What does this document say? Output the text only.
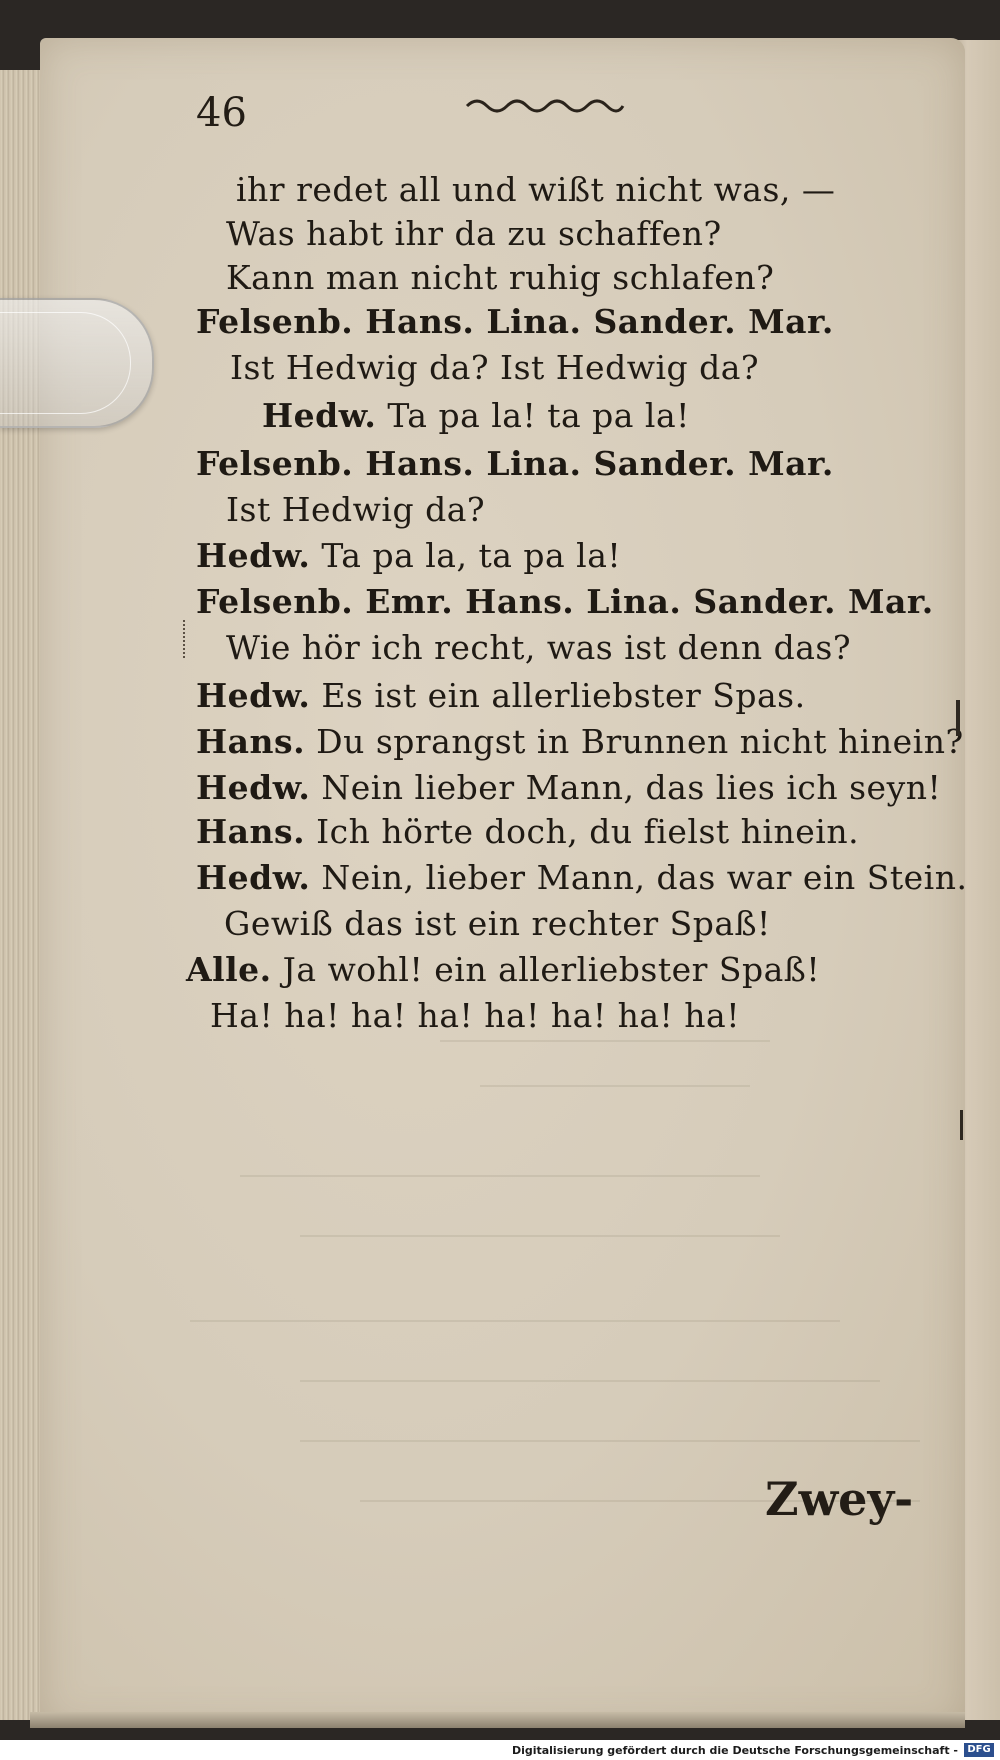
46
ihr redet all und wißt nicht was, —
Was habt ihr da zu schaffen?
Kann man nicht ruhig schlafen?
Felsenb. Hans. Lina. Sander. Mar.
Ist Hedwig da? Ist Hedwig da?
Hedw. Ta pa la! ta pa la!
Felsenb. Hans. Lina. Sander. Mar.
Ist Hedwig da?
Hedw. Ta pa la, ta pa la!
Felsenb. Emr. Hans. Lina. Sander. Mar.
Wie hör ich recht, was ist denn das?
Hedw. Es ist ein allerliebster Spas.
Hans. Du sprangst in Brunnen nicht hinein?
Hedw. Nein lieber Mann, das lies ich seyn!
Hans. Ich hörte doch, du fielst hinein.
Hedw. Nein, lieber Mann, das war ein Stein.
Gewiß das ist ein rechter Spaß!
Alle. Ja wohl! ein allerliebster Spaß!
Ha! ha! ha! ha! ha! ha! ha! ha!
Zwey-
Digitalisierung gefördert durch die Deutsche Forschungsgemeinschaft - DFG
